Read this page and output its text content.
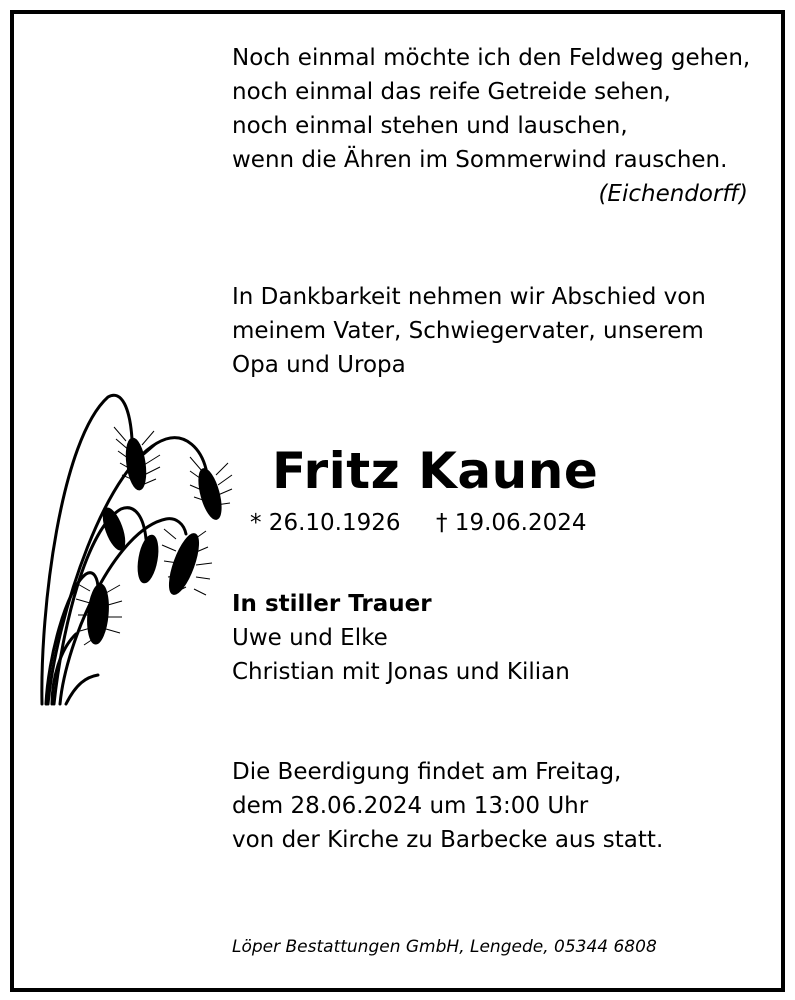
Noch einmal möchte ich den Feldweg gehen,
noch einmal das reife Getreide sehen,
noch einmal stehen und lauschen,
wenn die Ähren im Sommerwind rauschen.
(Eichendorff)
In Dankbarkeit nehmen wir Abschied von
meinem Vater, Schwiegervater, unserem
Opa und Uropa
Fritz Kaune
* 26.10.1926 † 19.06.2024
In stiller Trauer
Uwe und Elke
Christian mit Jonas und Kilian
Die Beerdigung findet am Freitag,
dem 28.06.2024 um 13:00 Uhr
von der Kirche zu Barbecke aus statt.
Löper Bestattungen GmbH, Lengede, 05344 6808
